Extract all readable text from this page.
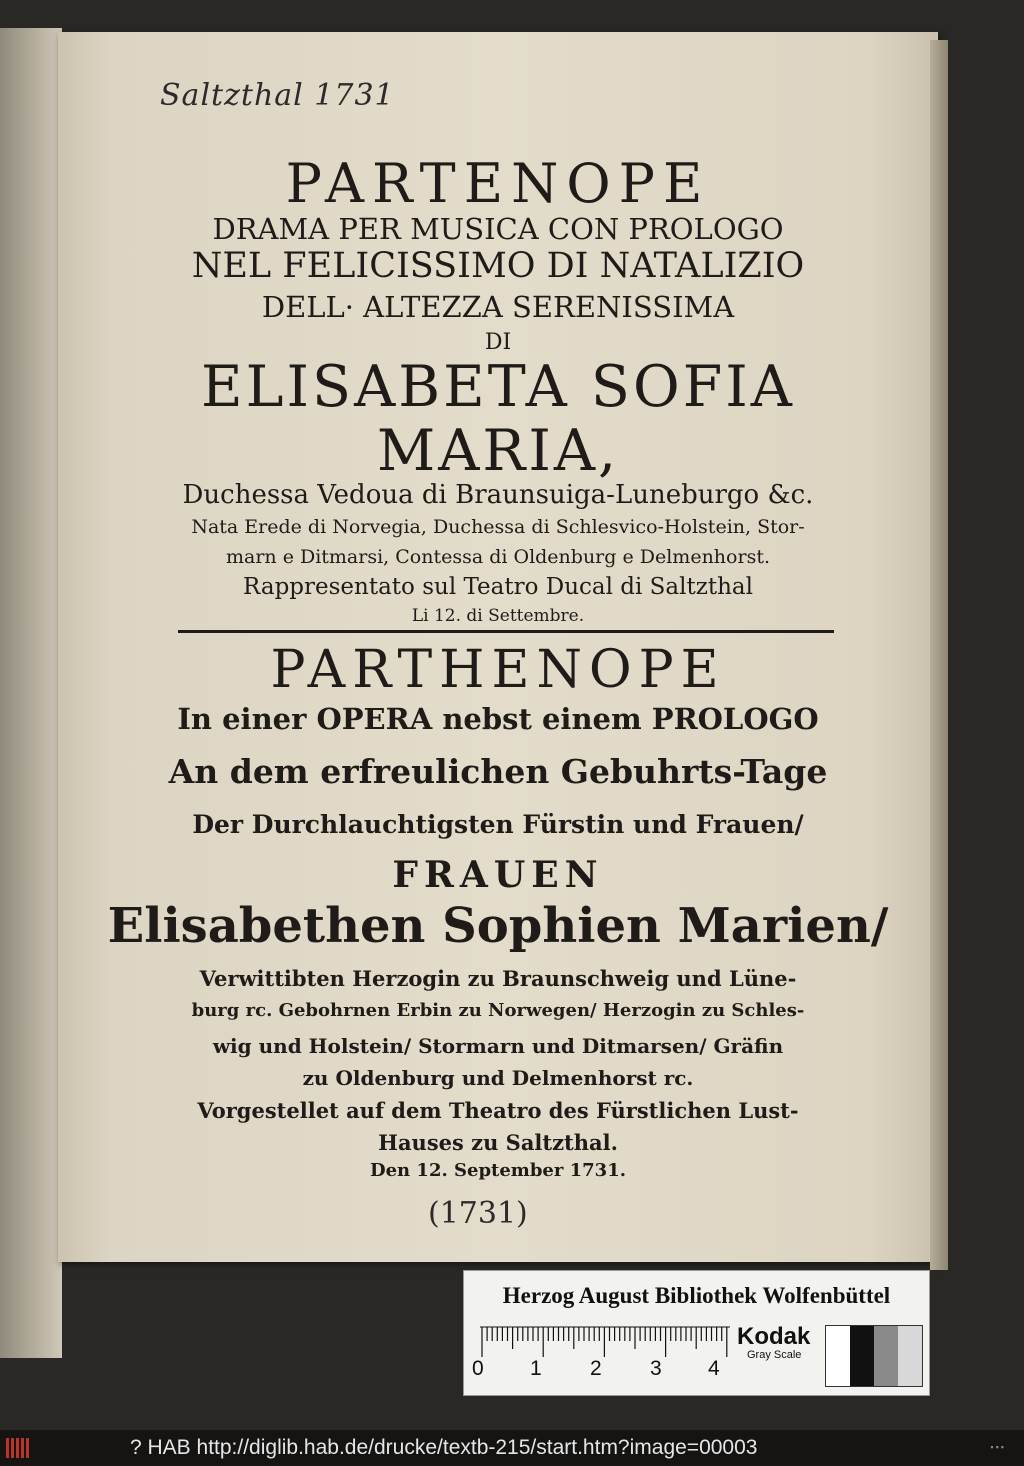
Saltzthal 1731
PARTENOPE
DRAMA PER MUSICA CON PROLOGO
NEL FELICISSIMO DI NATALIZIO
DELL· ALTEZZA SERENISSIMA
DI
ELISABETA SOFIA
MARIA,
Duchessa Vedoua di Braunsuiga-Luneburgo &c.
Nata Erede di Norvegia, Duchessa di Schlesvico-Holstein, Stor-
marn e Ditmarsi, Contessa di Oldenburg e Delmenhorst.
Rappresentato sul Teatro Ducal di Saltzthal
Li 12. di Settembre.
PARTHENOPE
In einer OPERA nebst einem PROLOGO
An dem erfreulichen Gebuhrts-Tage
Der Durchlauchtigsten Fürstin und Frauen/
FRAUEN
Elisabethen Sophien Marien/
Verwittibten Herzogin zu Braunschweig und Lüne-
burg rc. Gebohrnen Erbin zu Norwegen/ Herzogin zu Schles-
wig und Holstein/ Stormarn und Ditmarsen/ Gräfin
zu Oldenburg und Delmenhorst rc.
Vorgestellet auf dem Theatro des Fürstlichen Lust-
Hauses zu Saltzthal.
Den 12. September 1731.
(1731)
Herzog August Bibliothek Wolfenbüttel
0 1 2 3 4
Kodak
Gray Scale
? HAB http://diglib.hab.de/drucke/textb-215/start.htm?image=00003	▪▪▪
